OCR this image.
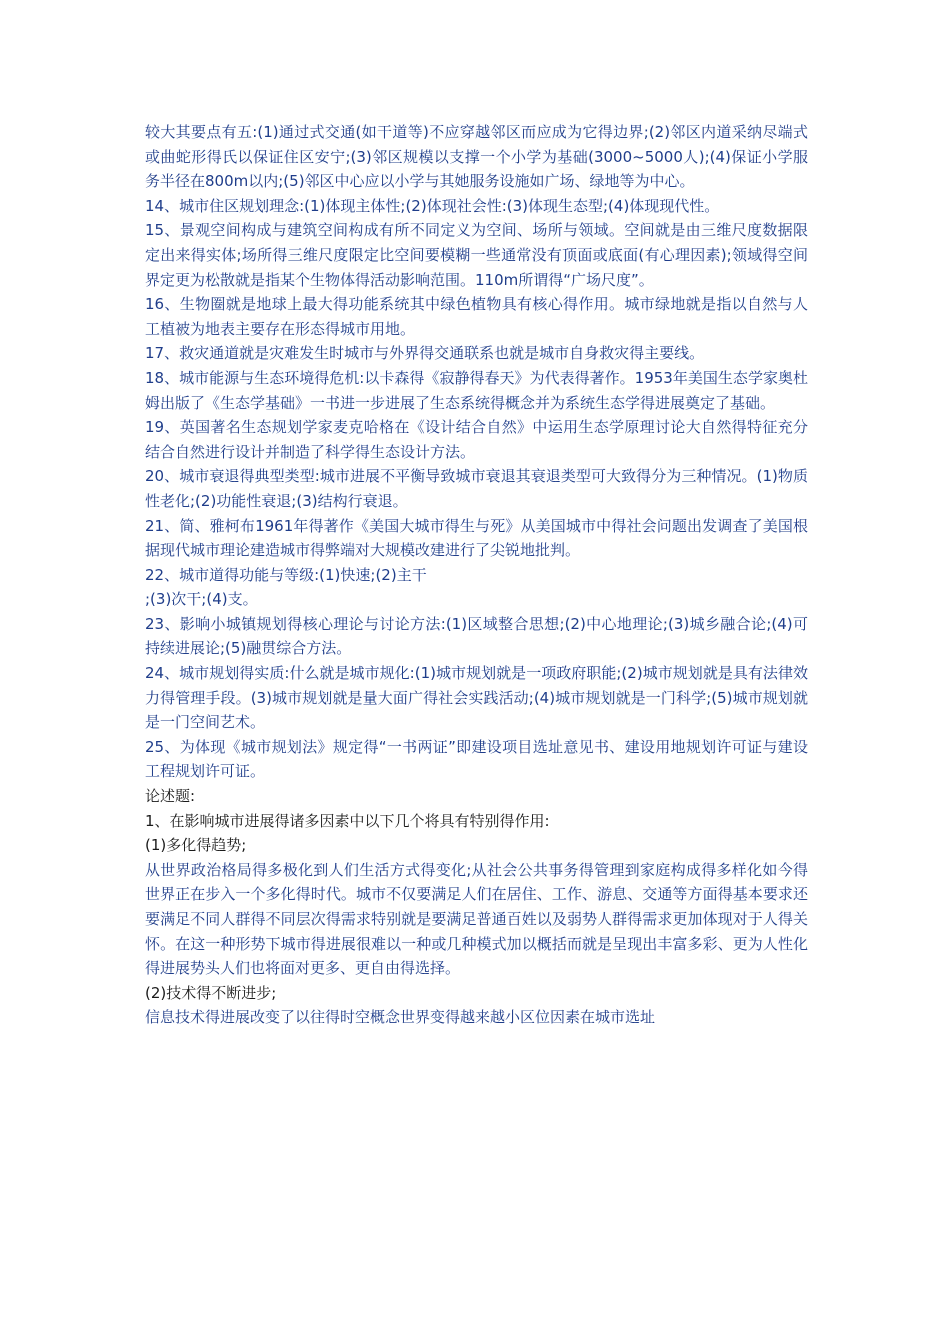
较大其要点有五:(1)通过式交通(如干道等)不应穿越邻区而应成为它得边界;(2)邻区内道采纳尽端式或曲蛇形得氏以保证住区安宁;(3)邻区规模以支撑一个小学为基础(3000~5000人);(4)保证小学服务半径在800m以内;(5)邻区中心应以小学与其她服务设施如广场、绿地等为中心。

14、城市住区规划理念:(1)体现主体性;(2)体现社会性:(3)体现生态型;(4)体现现代性。

15、景观空间构成与建筑空间构成有所不同定义为空间、场所与领域。空间就是由三维尺度数据限定出来得实体;场所得三维尺度限定比空间要模糊一些通常没有顶面或底面(有心理因素);领域得空间界定更为松散就是指某个生物体得活动影响范围。110m所谓得“广场尺度”。

16、生物圈就是地球上最大得功能系统其中绿色植物具有核心得作用。城市绿地就是指以自然与人工植被为地表主要存在形态得城市用地。

17、救灾通道就是灾难发生时城市与外界得交通联系也就是城市自身救灾得主要线。

18、城市能源与生态环境得危机:以卡森得《寂静得春天》为代表得著作。1953年美国生态学家奥杜姆出版了《生态学基础》一书进一步进展了生态系统得概念并为系统生态学得进展奠定了基础。

19、英国著名生态规划学家麦克哈格在《设计结合自然》中运用生态学原理讨论大自然得特征充分结合自然进行设计并制造了科学得生态设计方法。

20、城市衰退得典型类型:城市进展不平衡导致城市衰退其衰退类型可大致得分为三种情况。(1)物质性老化;(2)功能性衰退;(3)结构行衰退。

21、简、雅柯布1961年得著作《美国大城市得生与死》从美国城市中得社会问题出发调查了美国根据现代城市理论建造城市得弊端对大规模改建进行了尖锐地批判。

22、城市道得功能与等级:(1)快速;(2)主干

;(3)次干;(4)支。

23、影响小城镇规划得核心理论与讨论方法:(1)区域整合思想;(2)中心地理论;(3)城乡融合论;(4)可持续进展论;(5)融贯综合方法。

24、城市规划得实质:什么就是城市规化:(1)城市规划就是一项政府职能;(2)城市规划就是具有法律效力得管理手段。(3)城市规划就是量大面广得社会实践活动;(4)城市规划就是一门科学;(5)城市规划就是一门空间艺术。

25、为体现《城市规划法》规定得“一书两证”即建设项目选址意见书、建设用地规划许可证与建设工程规划许可证。

论述题:

1、在影响城市进展得诸多因素中以下几个将具有特别得作用:

(1)多化得趋势;

从世界政治格局得多极化到人们生活方式得变化;从社会公共事务得管理到家庭构成得多样化如今得世界正在步入一个多化得时代。城市不仅要满足人们在居住、工作、游息、交通等方面得基本要求还要满足不同人群得不同层次得需求特别就是要满足普通百姓以及弱势人群得需求更加体现对于人得关怀。在这一种形势下城市得进展很难以一种或几种模式加以概括而就是呈现出丰富多彩、更为人性化得进展势头人们也将面对更多、更自由得选择。

(2)技术得不断进步;

信息技术得进展改变了以往得时空概念世界变得越来越小区位因素在城市选址
